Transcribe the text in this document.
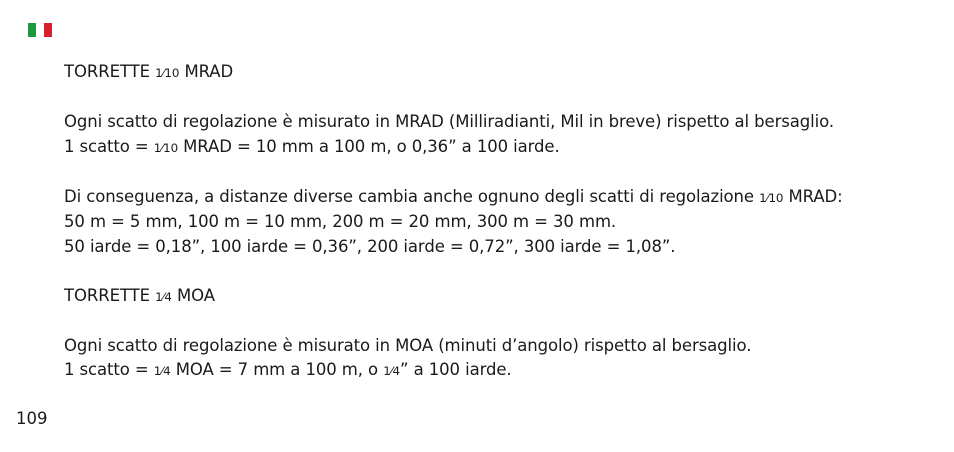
TORRETTE 1⁄10 MRAD
Ogni scatto di regolazione è misurato in MRAD (Milliradianti, Mil in breve) rispetto al bersaglio.
1 scatto = 1⁄10 MRAD = 10 mm a 100 m, o 0,36” a 100 iarde.
Di conseguenza, a distanze diverse cambia anche ognuno degli scatti di regolazione 1⁄10 MRAD:
50 m = 5 mm, 100 m = 10 mm, 200 m = 20 mm, 300 m = 30 mm.
50 iarde = 0,18”, 100 iarde = 0,36”, 200 iarde = 0,72”, 300 iarde = 1,08”.
TORRETTE 1⁄4 MOA
Ogni scatto di regolazione è misurato in MOA (minuti d’angolo) rispetto al bersaglio.
1 scatto = 1⁄4 MOA = 7 mm a 100 m, o 1⁄4” a 100 iarde.
109
